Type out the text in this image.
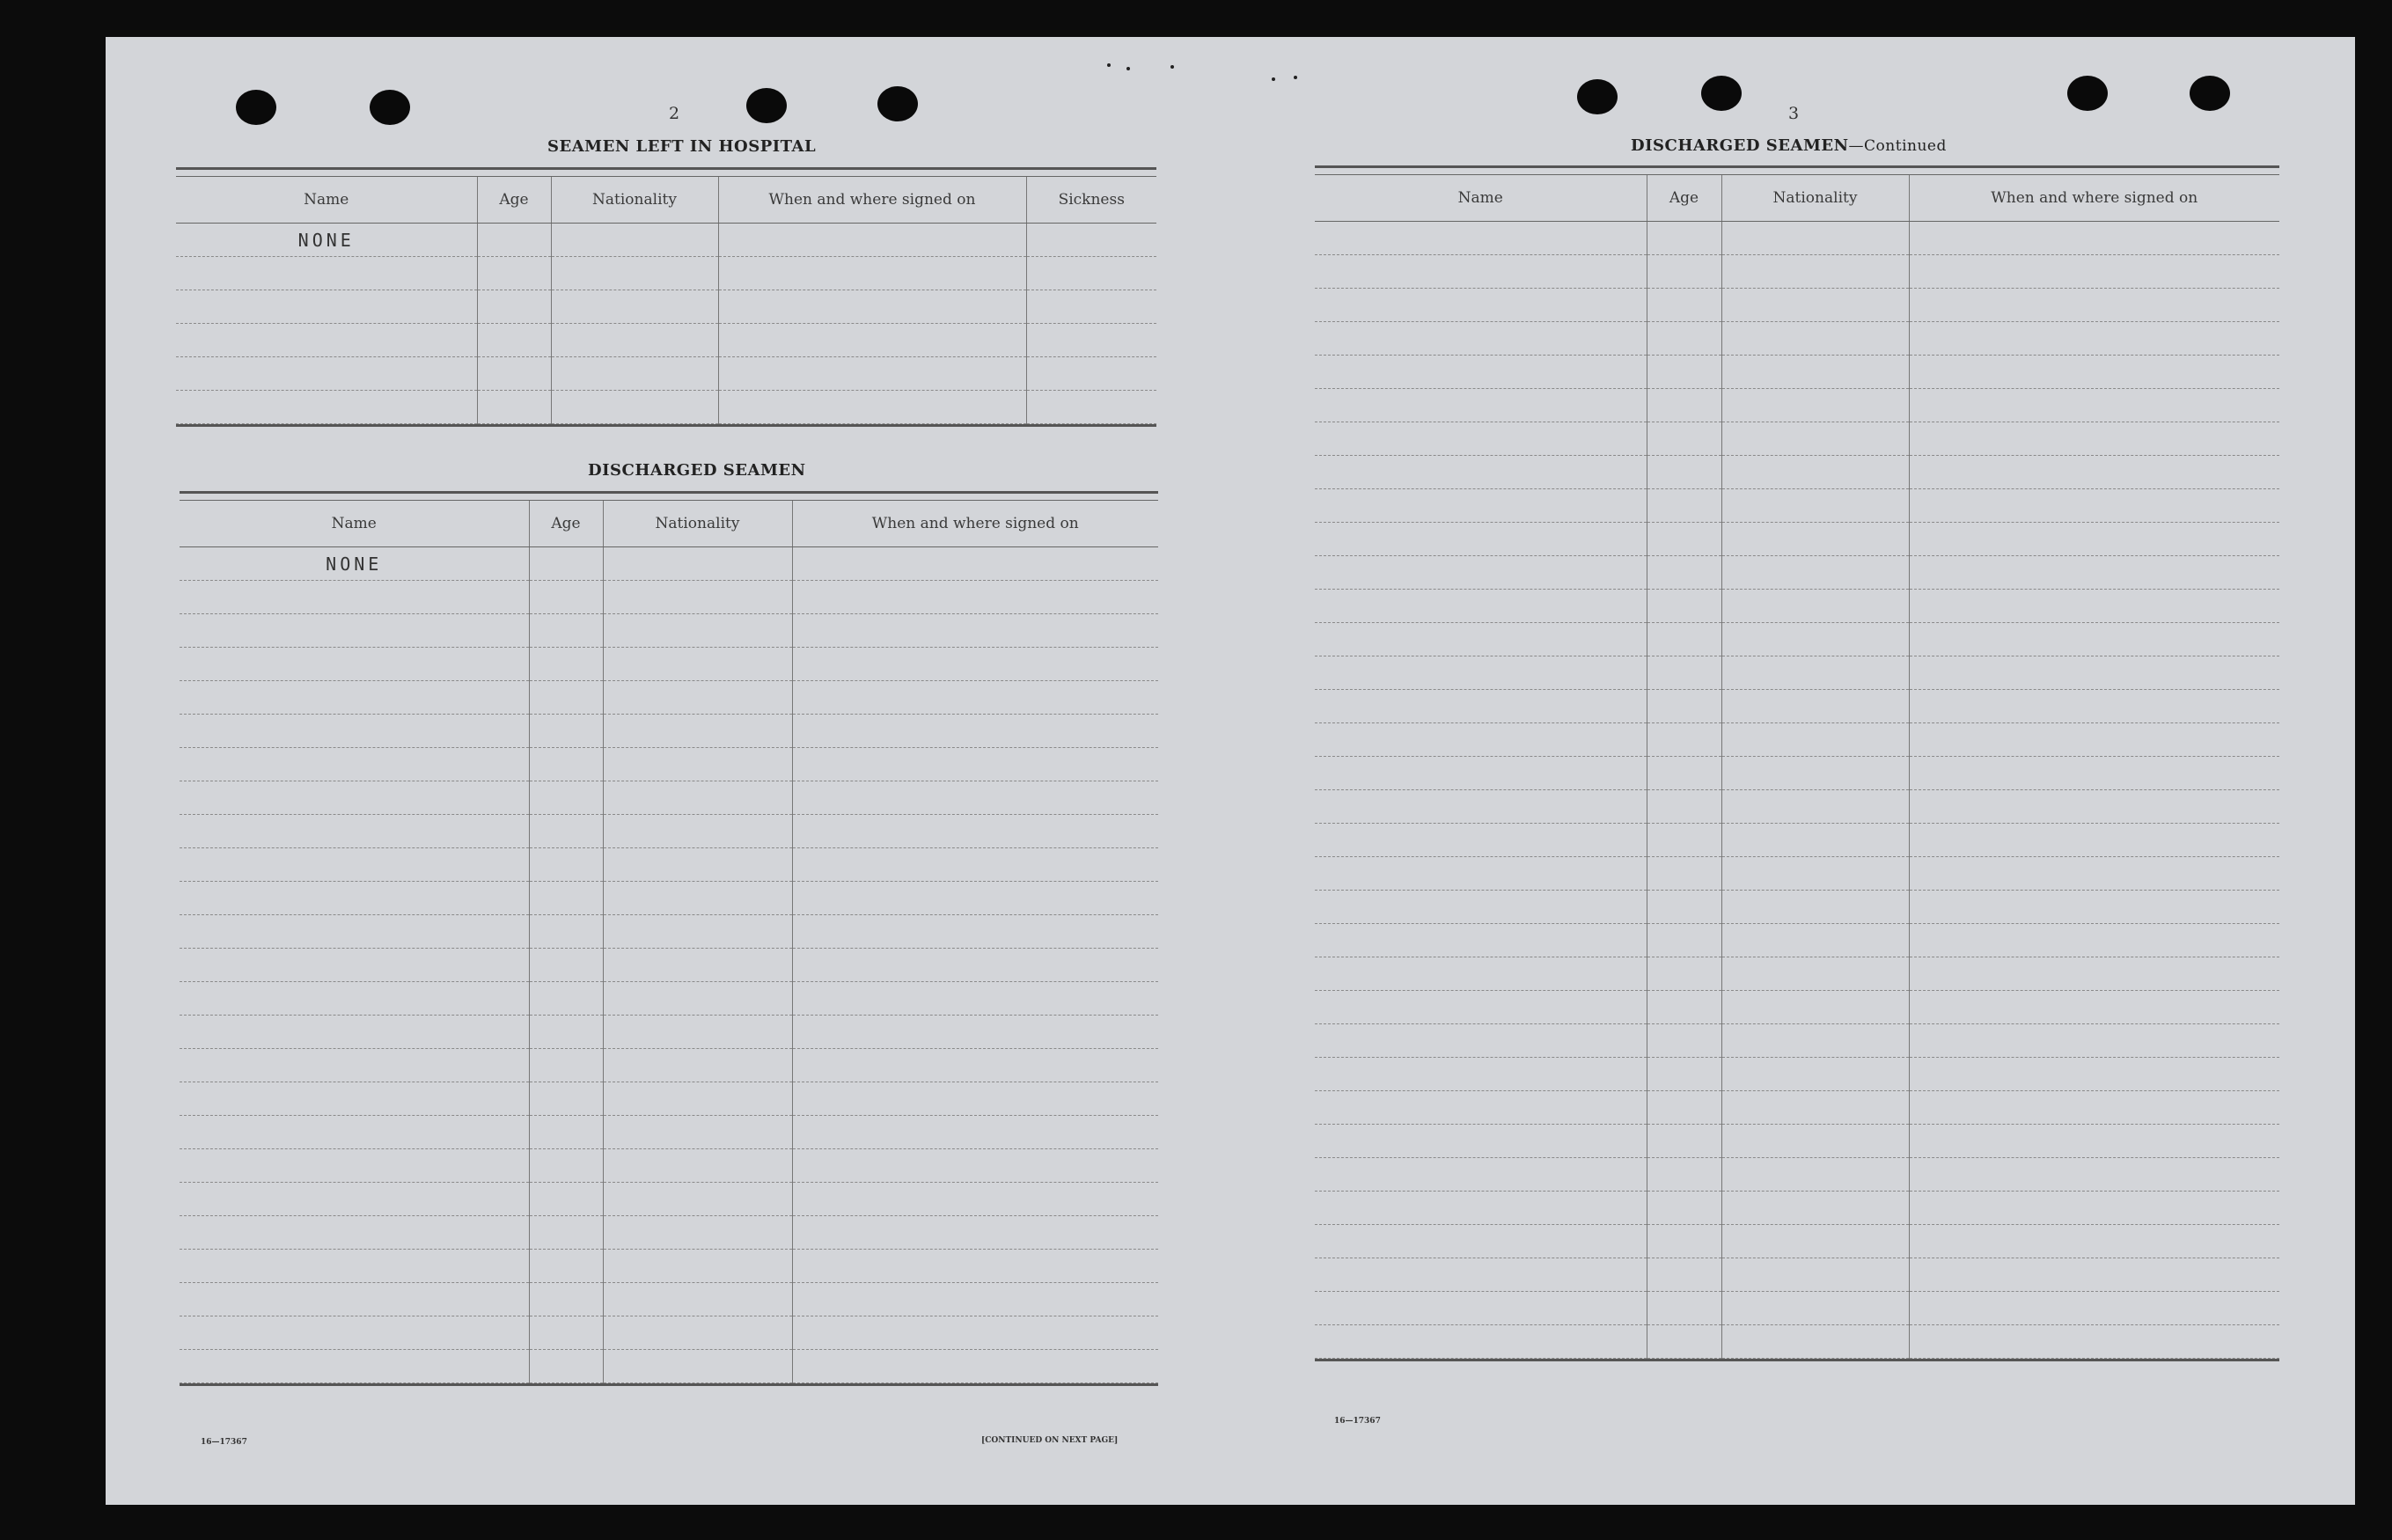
2
SEAMEN LEFT IN HOSPITAL
Name	Age	Nationality	When and where signed on	Sickness
NONE				

DISCHARGED SEAMEN
Name	Age	Nationality	When and where signed on
NONE			

16—17367	[CONTINUED ON NEXT PAGE]
3
DISCHARGED SEAMEN—Continued
Name	Age	Nationality	When and where signed on

16—17367
